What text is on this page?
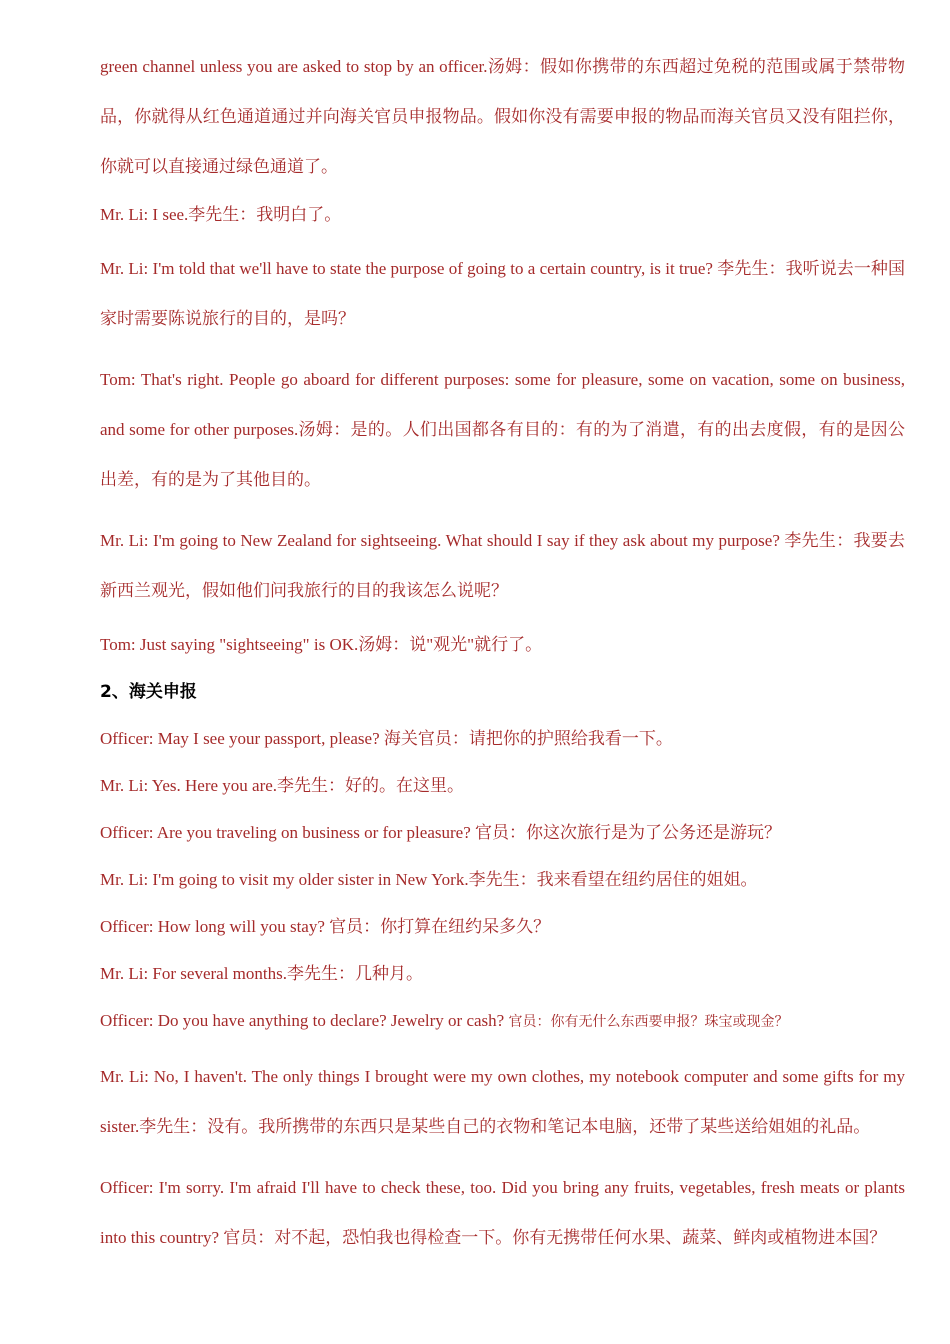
green channel unless you are asked to stop by an officer.汤姆：假如你携带的东西超过免税的范围或属于禁带物品，你就得从红色通道通过并向海关官员申报物品。假如你没有需要申报的物品而海关官员又没有阻拦你，你就可以直接通过绿色通道了。

Mr. Li: I see.李先生：我明白了。

Mr. Li: I'm told that we'll have to state the purpose of going to a certain country, is it true? 李先生：我听说去一种国家时需要陈说旅行的目的，是吗？

Tom: That's right. People go aboard for different purposes: some for pleasure, some on vacation, some on business, and some for other purposes.汤姆：是的。人们出国都各有目的：有的为了消遣，有的出去度假，有的是因公出差，有的是为了其他目的。

Mr. Li: I'm going to New Zealand for sightseeing. What should I say if they ask about my purpose? 李先生：我要去新西兰观光，假如他们问我旅行的目的我该怎么说呢？

Tom: Just saying "sightseeing" is OK.汤姆：说"观光"就行了。

2、海关申报

Officer: May I see your passport, please? 海关官员：请把你的护照给我看一下。

Mr. Li: Yes. Here you are.李先生：好的。在这里。

Officer: Are you traveling on business or for pleasure? 官员：你这次旅行是为了公务还是游玩？

Mr. Li: I'm going to visit my older sister in New York.李先生：我来看望在纽约居住的姐姐。

Officer: How long will you stay? 官员：你打算在纽约呆多久？

Mr. Li: For several months.李先生：几种月。

Officer: Do you have anything to declare? Jewelry or cash? 官员：你有无什么东西要申报？珠宝或现金？

Mr. Li: No, I haven't. The only things I brought were my own clothes, my notebook computer and some gifts for my sister.李先生：没有。我所携带的东西只是某些自己的衣物和笔记本电脑，还带了某些送给姐姐的礼品。

Officer: I'm sorry. I'm afraid I'll have to check these, too. Did you bring any fruits, vegetables, fresh meats or plants into this country? 官员：对不起，恐怕我也得检查一下。你有无携带任何水果、蔬菜、鲜肉或植物进本国？
